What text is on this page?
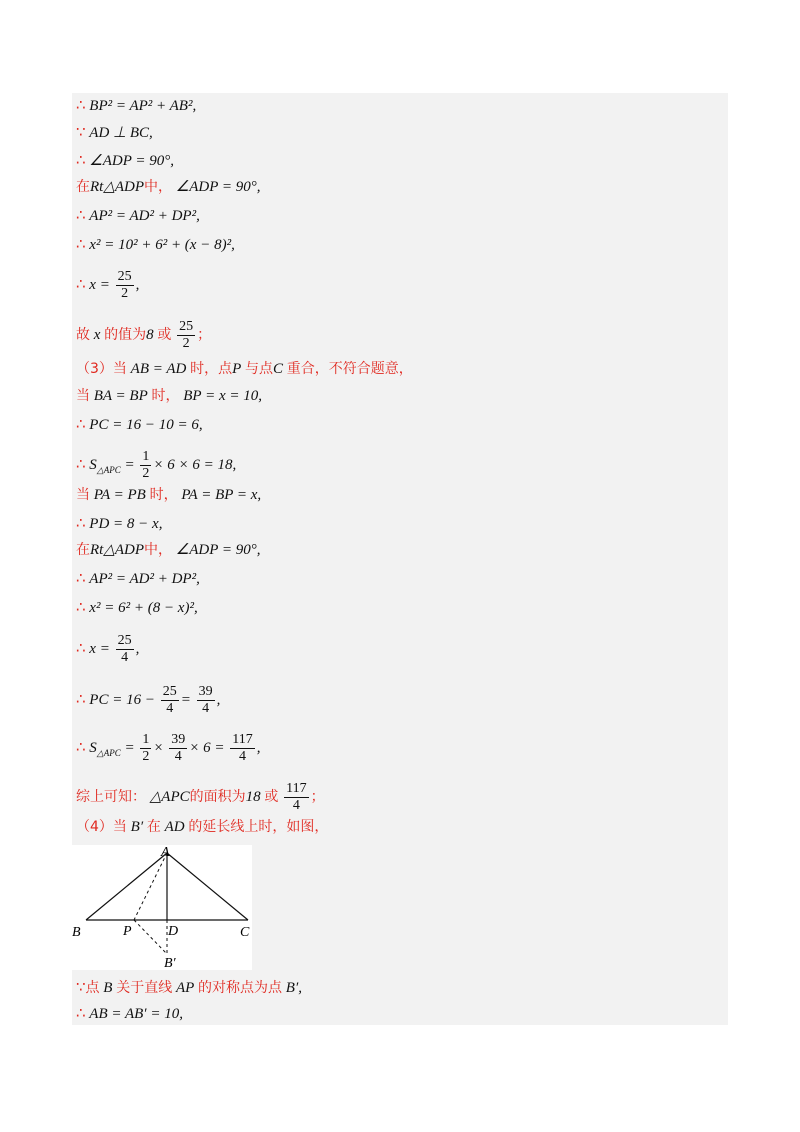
∴ BP² = AP² + AB²,
∵ AD ⊥ BC,
∴ ∠ADP = 90°,
在Rt△ADP中， ∠ADP = 90°,
∴ AP² = AD² + DP²,
∴ x² = 10² + 6² + (x − 8)²,
∴ $x = \frac{25}{2}$ ,
故 x 的值为8 或 $\frac{25}{2}$ ；
（3）当 AB = AD 时，点P 与点C 重合，不符合题意，
当 BA = BP 时， BP = x = 10,
∴ PC = 16 − 10 = 6,
∴ $S_{\triangle APC} = \frac{1}{2} \times 6 \times 6 = 18$,
当 PA = PB 时， PA = BP = x,
∴ PD = 8 − x,
在Rt△ADP中， ∠ADP = 90°,
∴ AP² = AD² + DP²,
∴ x² = 6² + (8 − x)²,
∴ $x = \frac{25}{4}$ ,
∴ PC = $16 - \frac{25}{4} = \frac{39}{4}$ ,
∴ $S_{\triangle APC} = \frac{1}{2} \times \frac{39}{4} \times 6 = \frac{117}{4}$ ,
综上可知： △APC的面积为18 或 $\frac{117}{4}$ ；
（4）当 B′ 在 AD 的延长线上时，如图，
A
B	C
D
P
B′
∵点 B 关于直线 AP 的对称点为点 B′,
∴ AB = AB′ = 10,
